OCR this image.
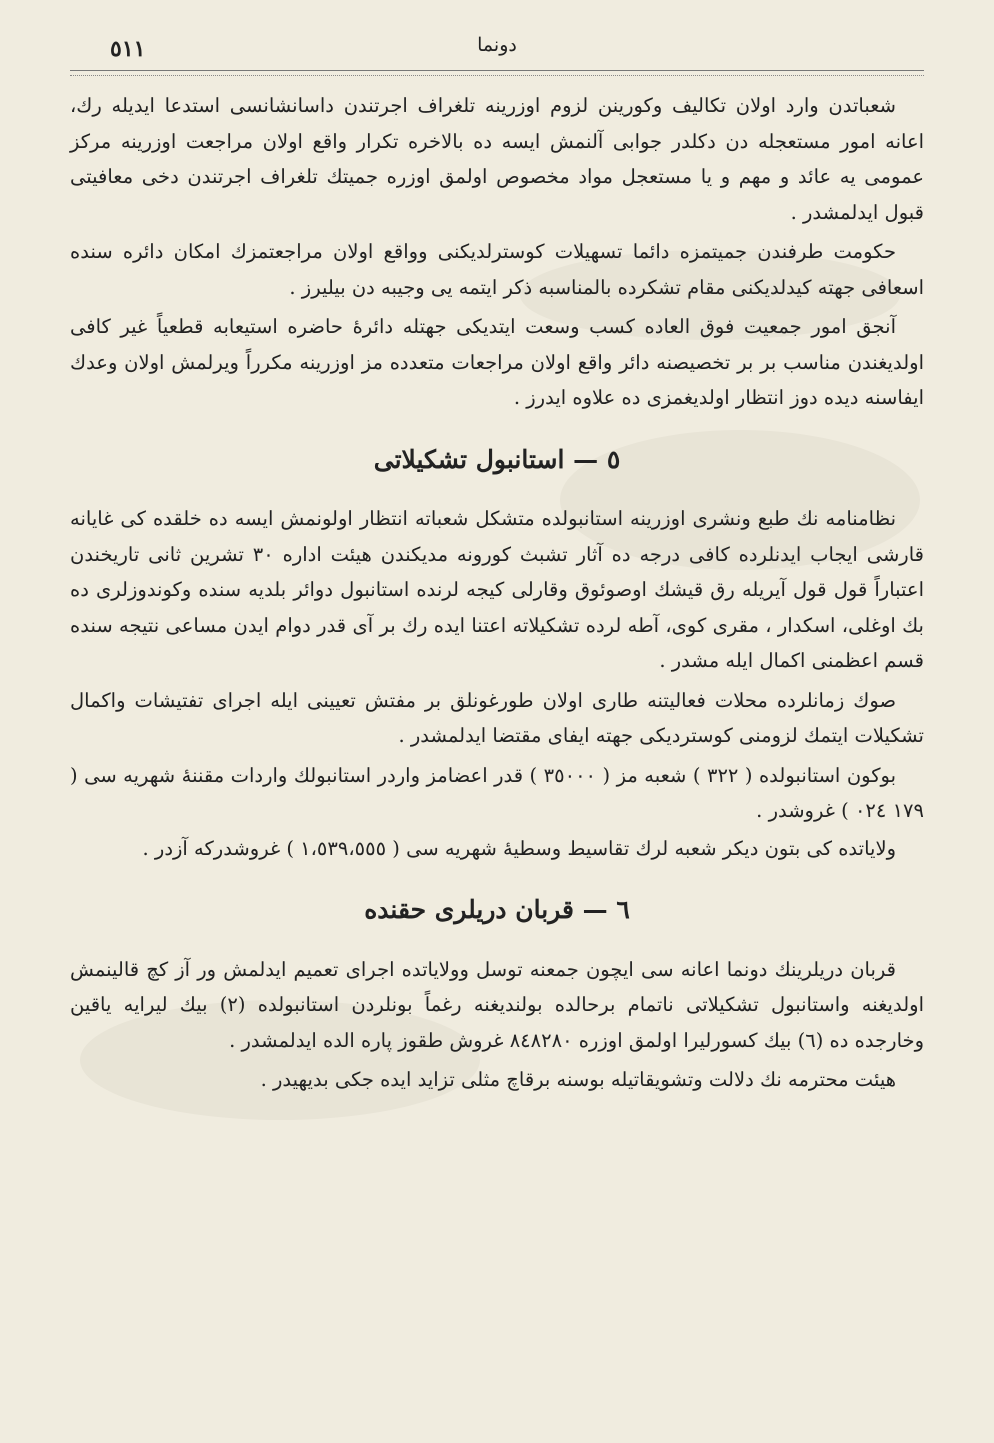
٥١١	دونما

شعباتدن وارد اولان تکالیف وکورینن لزوم اوزرینه تلغراف اجرتندن داسانشانسی استدعا ایدیله رك، اعانه امور مستعجله دن دکلدر جوابی آلنمش ایسه ده بالاخره تکرار واقع اولان مراجعت اوزرینه مرکز عمومی یه عائد و مهم و یا مستعجل مواد مخصوص اولمق اوزره جمیتك تلغراف اجرتندن دخی معافیتی قبول ایدلمشدر .

حکومت طرفندن جمیتمزه دائما تسهیلات کوسترلدیکنی وواقع اولان مراجعتمزك امکان دائره سنده اسعافی جهته کیدلدیکنی مقام تشکرده بالمناسبه ذکر ایتمه یی وجیبه دن بیلیرز .

آنجق امور جمعیت فوق العاده کسب وسعت ایتدیکی جهتله دائرهٔ حاضره استیعابه قطعیاً غیر کافی اولدیغندن مناسب بر بر تخصیصنه دائر واقع اولان مراجعات متعدده مز اوزرینه مکرراً ویرلمش اولان وعدك ایفاسنه دیده دوز انتظار اولدیغمزی ده علاوه ایدرز .

٥ — استانبول تشکیلاتی

نظامنامه نك طبع ونشری اوزرینه استانبولده متشکل شعباته انتظار اولونمش ایسه ده خلقده کی غایانه قارشی ایجاب ایدنلرده کافی درجه ده آثار تشبث کورونه مدیکندن هیئت اداره ٣٠ تشرین ثانی تاریخندن اعتباراً قول قول آیریله رق قیشك اوصوئوق وقارلی کیجه لرنده استانبول دوائر بلدیه سنده وکوندوزلری ده بك اوغلی، اسکدار ، مقری کوی، آطه لرده تشکیلاته اعتنا ایده رك بر آی قدر دوام ایدن مساعی نتیجه سنده قسم اعظمنی اکمال ایله مشدر .

صوك زمانلرده محلات فعالیتنه طاری اولان طورغونلق بر مفتش تعیینی ایله اجرای تفتیشات واکمال تشکیلات ایتمك لزومنی کوستردیکی جهته ایفای مقتضا ایدلمشدر .

بوکون استانبولده ( ٣٢٢ ) شعبه مز ( ٣٥٠٠٠ ) قدر اعضامز واردر استانبولك واردات مقننهٔ شهریه سی ( ١٧٩ ٠٢٤ ) غروشدر .

ولایاتده کی بتون دیکر شعبه لرك تقاسیط وسطیهٔ شهریه سی ( ١،٥٣٩،٥٥٥ ) غروشدرکه آزدر .

٦ — قربان دریلری حقنده

قربان دریلرینك دونما اعانه سی ایچون جمعنه توسل وولایاتده اجرای تعمیم ایدلمش ور آز کچ قالینمش اولدیغنه واستانبول تشکیلاتی ناتمام برحالده بولندیغنه رغماً بونلردن استانبولده (٢) بیك لیرایه یاقین وخارجده ده (٦) بیك کسورلیرا اولمق اوزره ٨٤٨٢٨٠ غروش طقوز پاره الده ایدلمشدر .

هیئت محترمه نك دلالت وتشویقاتیله بوسنه برقاچ مثلی تزاید ایده جکی بدیهیدر .
